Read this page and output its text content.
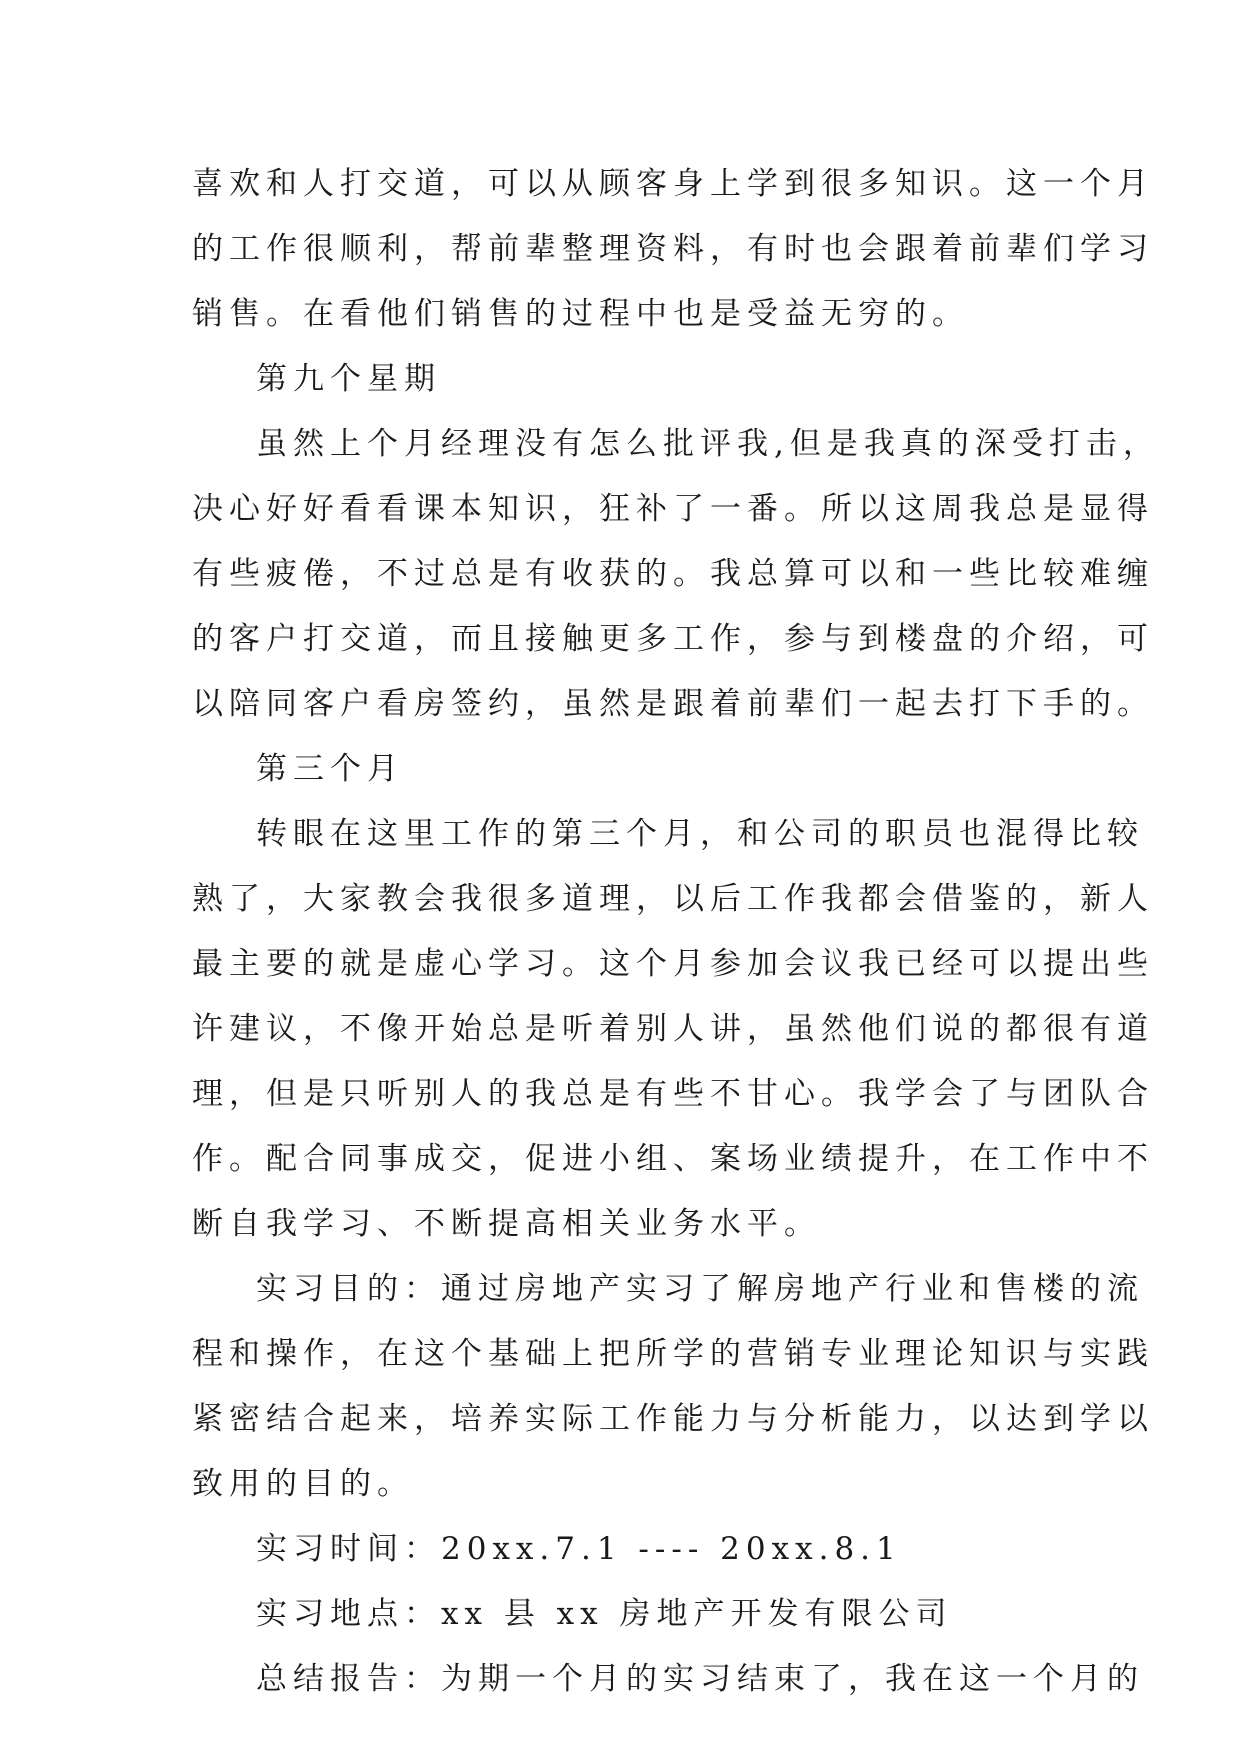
喜欢和人打交道，可以从顾客身上学到很多知识。这一个月
的工作很顺利，帮前辈整理资料，有时也会跟着前辈们学习
销售。在看他们销售的过程中也是受益无穷的。
第九个星期
虽然上个月经理没有怎么批评我,但是我真的深受打击，
决心好好看看课本知识，狂补了一番。所以这周我总是显得
有些疲倦，不过总是有收获的。我总算可以和一些比较难缠
的客户打交道，而且接触更多工作，参与到楼盘的介绍，可
以陪同客户看房签约，虽然是跟着前辈们一起去打下手的。
第三个月
转眼在这里工作的第三个月，和公司的职员也混得比较
熟了，大家教会我很多道理，以后工作我都会借鉴的，新人
最主要的就是虚心学习。这个月参加会议我已经可以提出些
许建议，不像开始总是听着别人讲，虽然他们说的都很有道
理，但是只听别人的我总是有些不甘心。我学会了与团队合
作。配合同事成交，促进小组、案场业绩提升，在工作中不
断自我学习、不断提高相关业务水平。
实习目的：通过房地产实习了解房地产行业和售楼的流
程和操作，在这个基础上把所学的营销专业理论知识与实践
紧密结合起来，培养实际工作能力与分析能力，以达到学以
致用的目的。
实习时间：20xx.7.1 ---- 20xx.8.1
实习地点：xx 县 xx 房地产开发有限公司
总结报告：为期一个月的实习结束了，我在这一个月的
